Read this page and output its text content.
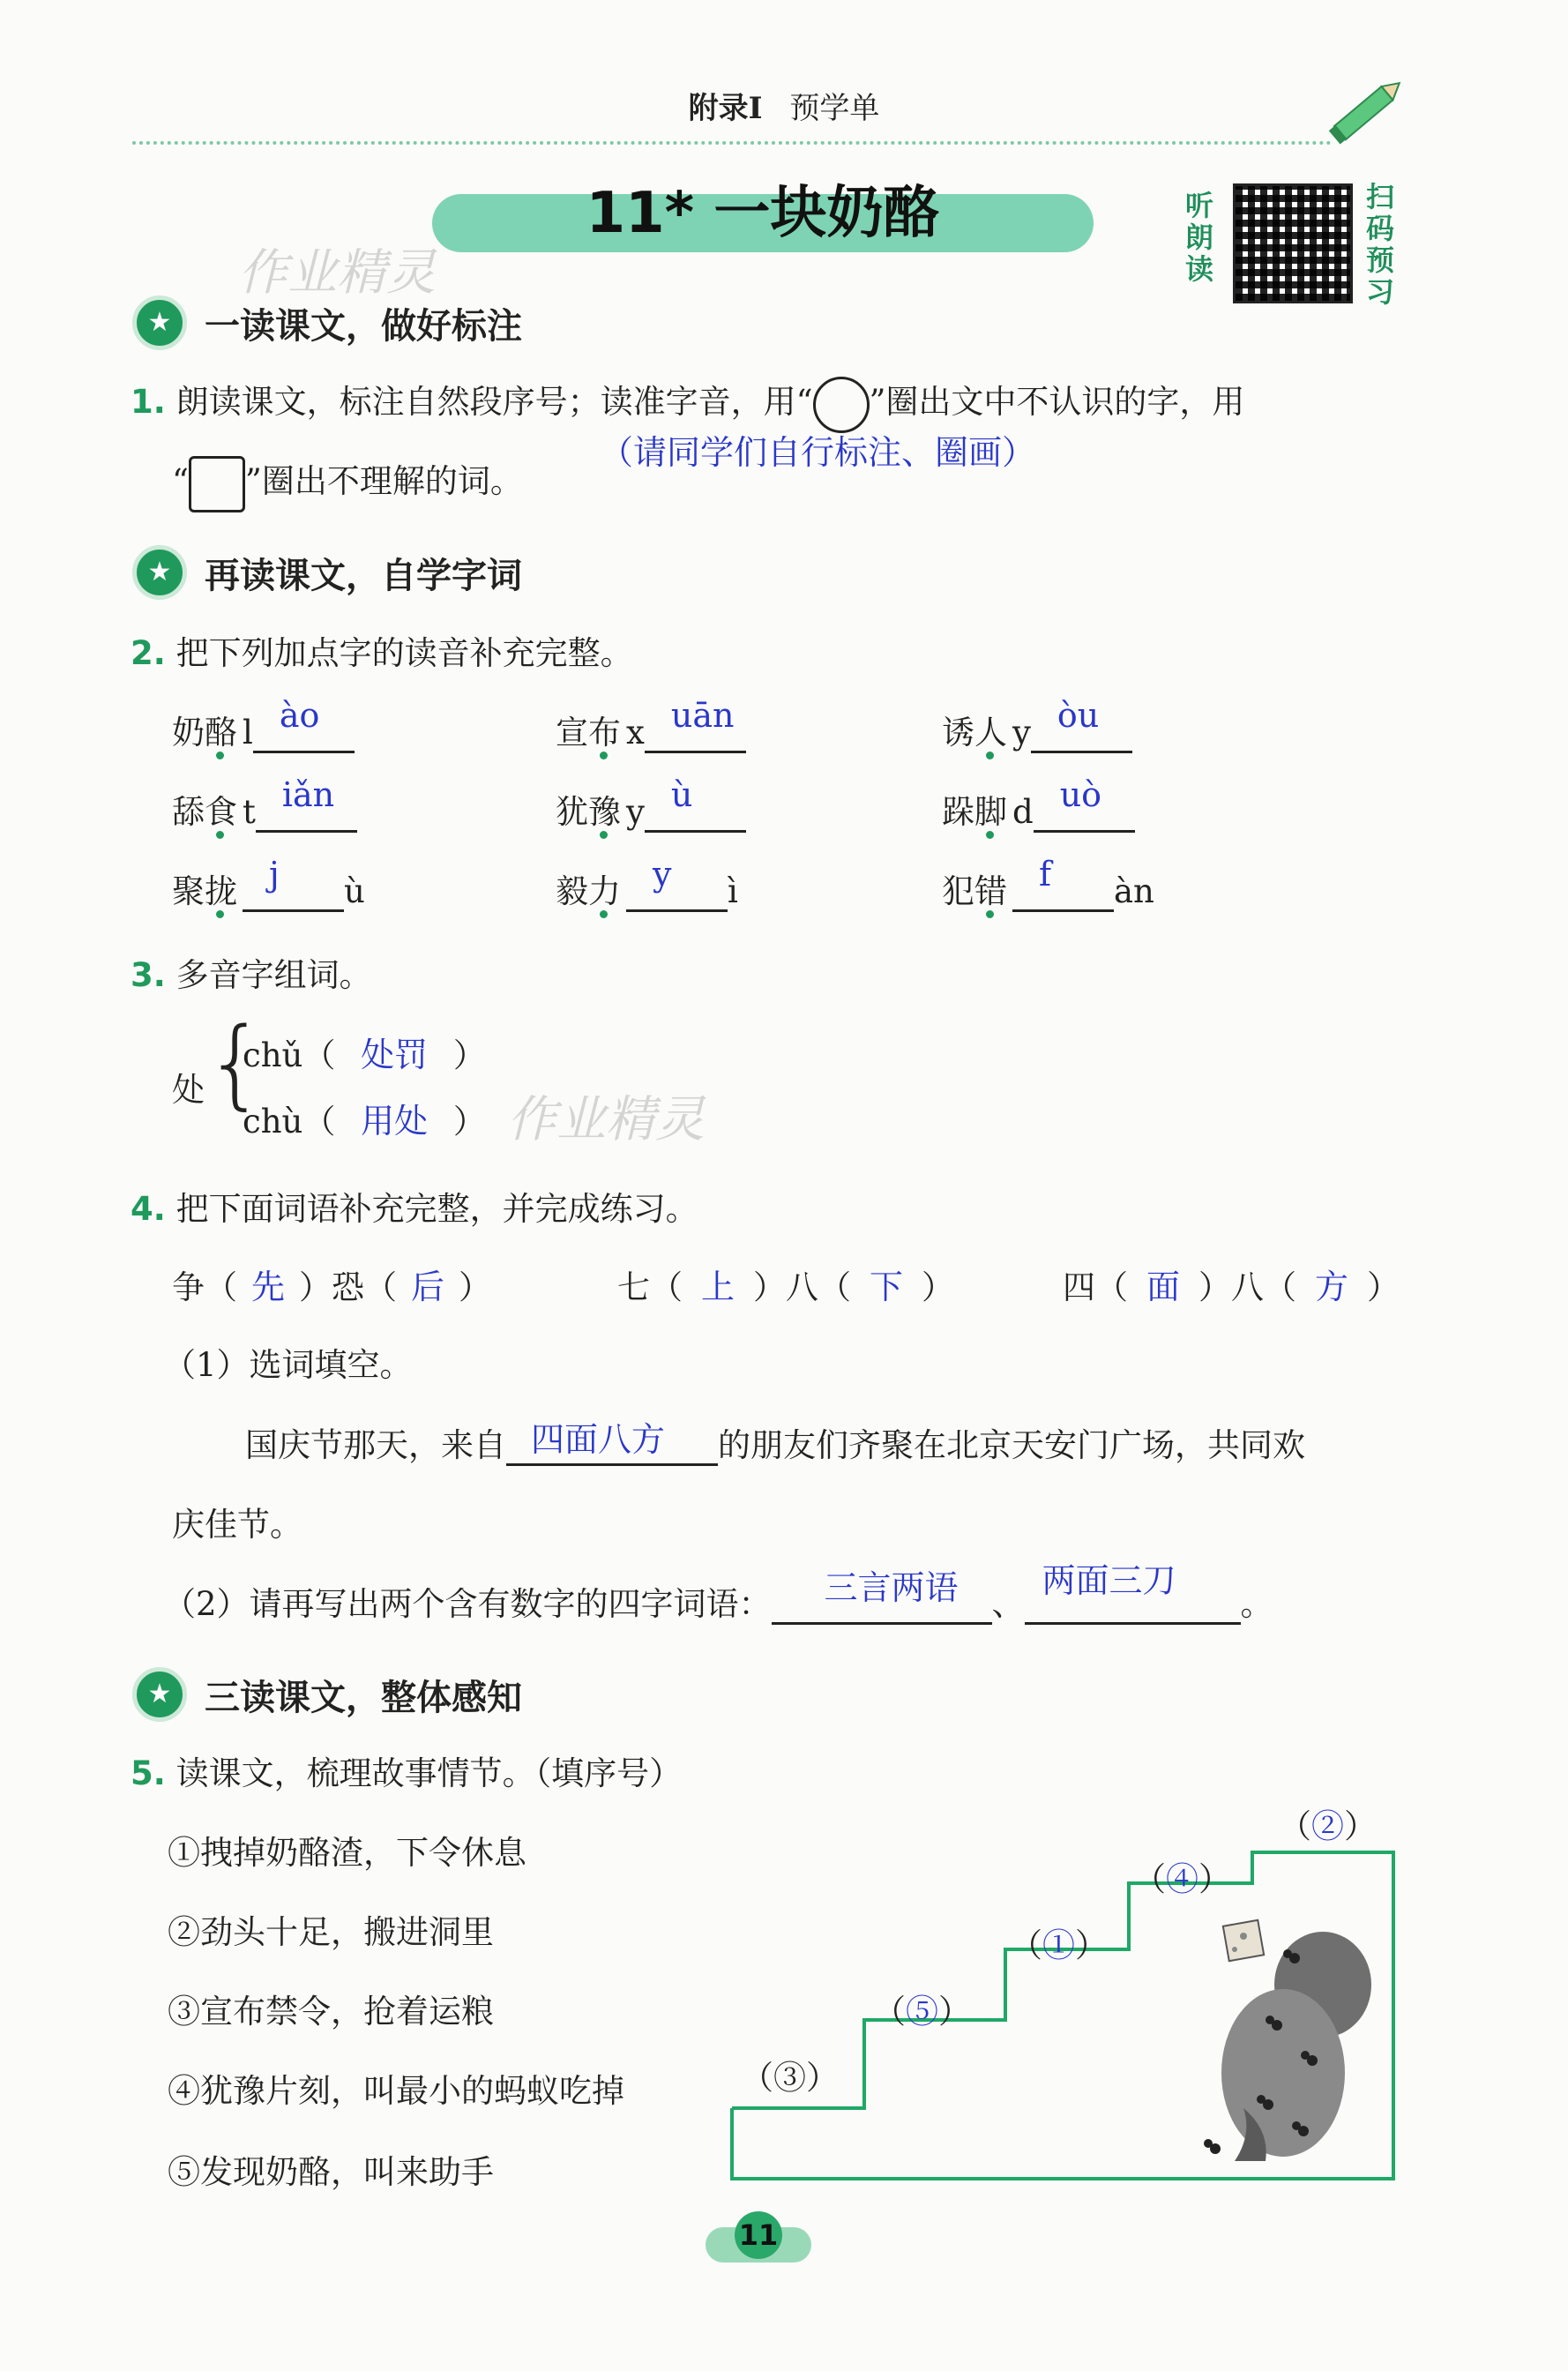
附录Ⅰ 预学单
11* 一块奶酪	听朗读
扫码预习
作业精灵
★ 一读课文，做好标注
1. 朗读课文，标注自然段序号；读准字音，用“○”圈出文中不认识的字，用
“ ”圈出不理解的词。
（请同学们自行标注、圈画）
★ 再读课文，自学字词
2. 把下列加点字的读音补充完整。
奶酪 l ào	宣布 x uān	诱人 y òu
舔食 t iǎn	犹豫 y ù	跺脚 d uò
聚拢 j ù	毅力 y ì	犯错 f àn
3. 多音字组词。
处 {
chǔ（ 处罚 ）
chù（ 用处 ） 作业精灵
4. 把下面词语补充完整，并完成练习。
争（ 先 ）恐（ 后 ）	七（ 上 ）八（ 下 ）	四（ 面 ）八（ 方 ）
（1）选词填空。
国庆节那天，来自 四面八方 的朋友们齐聚在北京天安门广场，共同欢
庆佳节。
（2）请再写出两个含有数字的四字词语： 三言两语 、
两面三刀
。
★ 三读课文，整体感知
5. 读课文，梳理故事情节。（填序号）
①拽掉奶酪渣，下令休息
②劲头十足，搬进洞里
③宣布禁令，抢着运粮
④犹豫片刻，叫最小的蚂蚁吃掉
⑤发现奶酪，叫来助手
（③）
（⑤）
（①）
（④）
（②）
11
